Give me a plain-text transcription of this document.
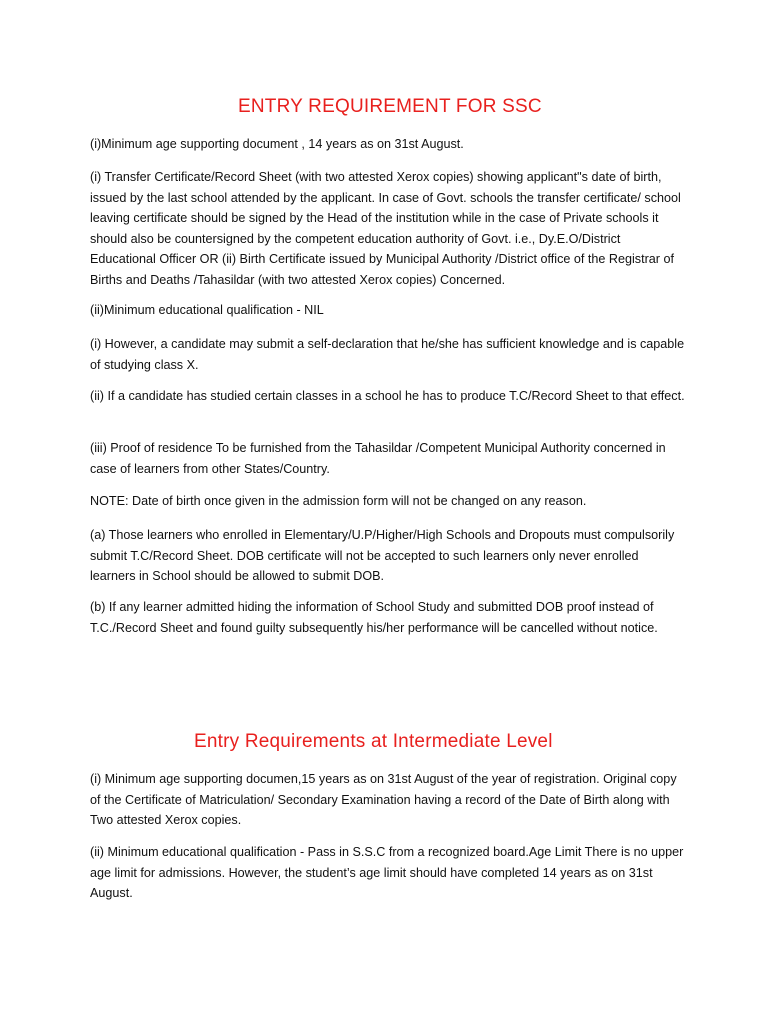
ENTRY REQUIREMENT FOR SSC
(i)Minimum age supporting document , 14 years as on 31st August.
(i) Transfer Certificate/Record Sheet (with two attested Xerox copies) showing applicant"s date of birth, issued by the last school attended by the applicant. In case of Govt. schools the transfer certificate/ school leaving certificate should be signed by the Head of the institution while in the case of Private schools it should also be countersigned by the competent education authority of Govt. i.e., Dy.E.O/District Educational Officer OR (ii) Birth Certificate issued by Municipal Authority /District office of the Registrar of Births and Deaths /Tahasildar (with two attested Xerox copies) Concerned.
(ii)Minimum educational qualification - NIL
(i) However, a candidate may submit a self-declaration that he/she has sufficient knowledge and is capable of studying class X.
(ii) If a candidate has studied certain classes in a school he has to produce T.C/Record Sheet to that effect.
(iii) Proof of residence To be furnished from the Tahasildar /Competent Municipal Authority concerned in case of learners from other States/Country.
NOTE: Date of birth once given in the admission form will not be changed on any reason.
(a) Those learners who enrolled in Elementary/U.P/Higher/High Schools and Dropouts must compulsorily submit T.C/Record Sheet. DOB certificate will not be accepted to such learners only never enrolled learners in School should be allowed to submit DOB.
(b) If any learner admitted hiding the information of School Study and submitted DOB proof instead of T.C./Record Sheet and found guilty subsequently his/her performance will be cancelled without notice.
Entry Requirements at Intermediate Level
(i) Minimum age supporting documen,15 years as on 31st August of the year of registration. Original copy of the Certificate of Matriculation/ Secondary Examination having a record of the Date of Birth along with Two attested Xerox copies.
(ii) Minimum educational qualification - Pass in S.S.C from a recognized board.Age Limit There is no upper age limit for admissions. However, the student’s age limit should have completed 14 years as on 31st August.
